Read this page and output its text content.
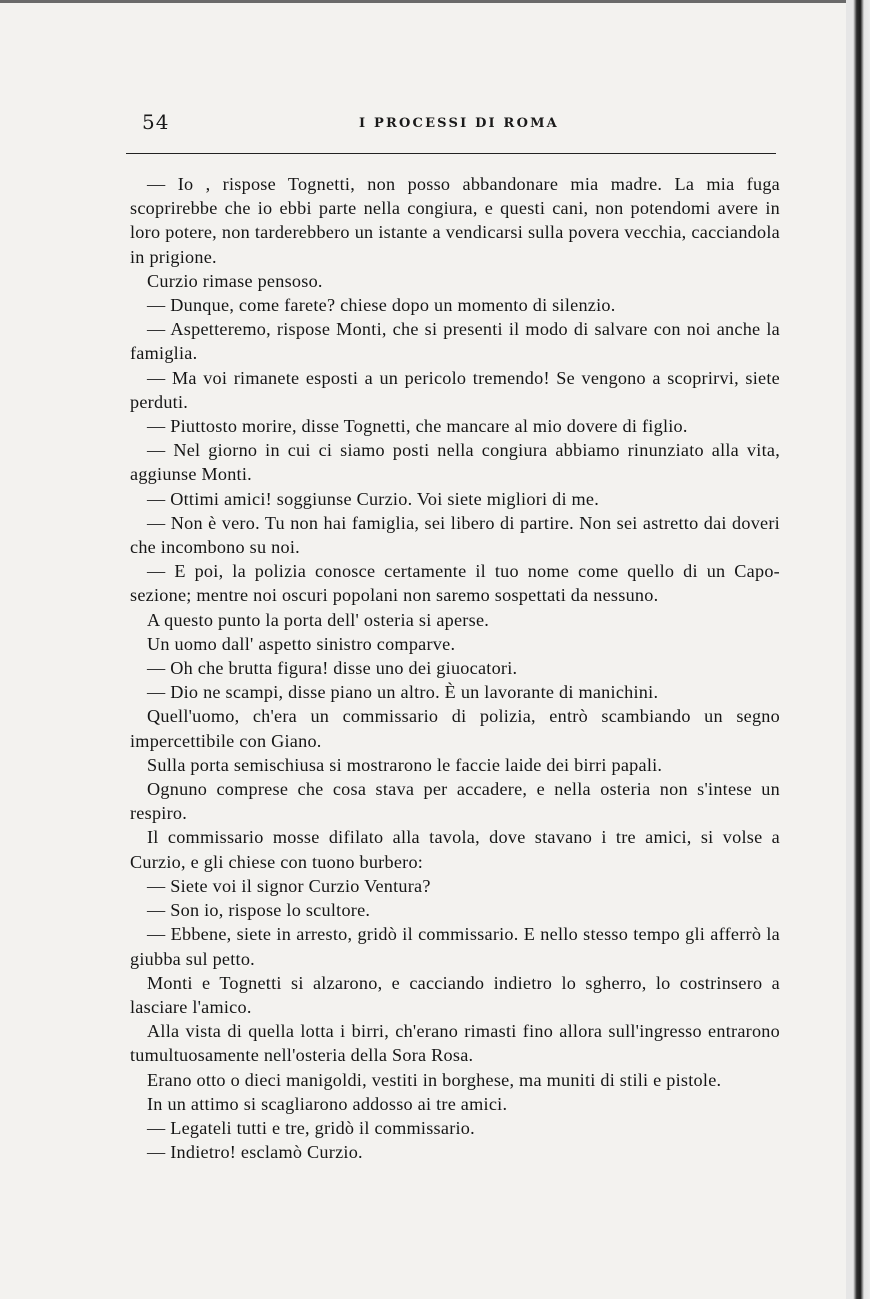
54	I PROCESSI DI ROMA

— Io , rispose Tognetti, non posso abbandonare mia madre. La mia fuga scoprirebbe che io ebbi parte nella congiura, e questi cani, non potendomi avere in loro potere, non tarderebbero un istante a vendicarsi sulla povera vecchia, cacciandola in prigione.

Curzio rimase pensoso.

— Dunque, come farete? chiese dopo un momento di silenzio.

— Aspetteremo, rispose Monti, che si presenti il modo di salvare con noi anche la famiglia.

— Ma voi rimanete esposti a un pericolo tremendo! Se vengono a scoprirvi, siete perduti.

— Piuttosto morire, disse Tognetti, che mancare al mio dovere di figlio.

— Nel giorno in cui ci siamo posti nella congiura abbiamo rinunziato alla vita, aggiunse Monti.

— Ottimi amici! soggiunse Curzio. Voi siete migliori di me.

— Non è vero. Tu non hai famiglia, sei libero di partire. Non sei astretto dai doveri che incombono su noi.

— E poi, la polizia conosce certamente il tuo nome come quello di un Capo-sezione; mentre noi oscuri popolani non saremo sospettati da nessuno.

A questo punto la porta dell' osteria si aperse.

Un uomo dall' aspetto sinistro comparve.

— Oh che brutta figura! disse uno dei giuocatori.

— Dio ne scampi, disse piano un altro. È un lavorante di manichini.

Quell'uomo, ch'era un commissario di polizia, entrò scambiando un segno impercettibile con Giano.

Sulla porta semischiusa si mostrarono le faccie laide dei birri papali.

Ognuno comprese che cosa stava per accadere, e nella osteria non s'intese un respiro.

Il commissario mosse difilato alla tavola, dove stavano i tre amici, si volse a Curzio, e gli chiese con tuono burbero:

— Siete voi il signor Curzio Ventura?

— Son io, rispose lo scultore.

— Ebbene, siete in arresto, gridò il commissario. E nello stesso tempo gli afferrò la giubba sul petto.

Monti e Tognetti si alzarono, e cacciando indietro lo sgherro, lo costrinsero a lasciare l'amico.

Alla vista di quella lotta i birri, ch'erano rimasti fino allora sull'ingresso entrarono tumultuosamente nell'osteria della Sora Rosa.

Erano otto o dieci manigoldi, vestiti in borghese, ma muniti di stili e pistole.

In un attimo si scagliarono addosso ai tre amici.

— Legateli tutti e tre, gridò il commissario.

— Indietro! esclamò Curzio.
